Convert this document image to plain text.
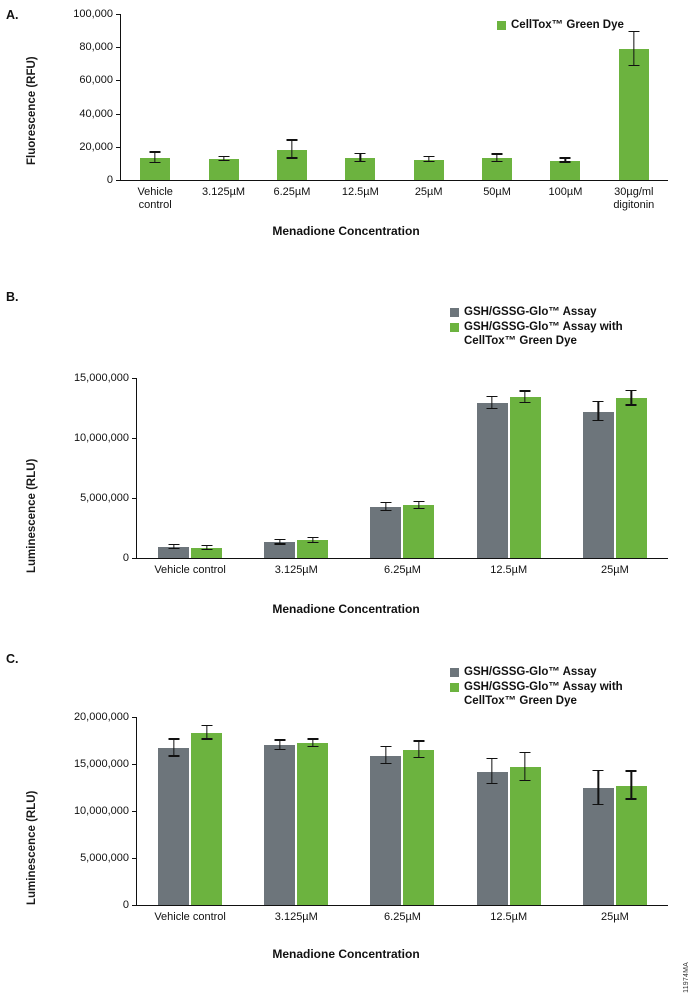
A.
CellTox™ Green Dye
Fluorescence (RFU)
100,000
80,000
60,000
40,000
20,000
0
Vehicle control
3.125µM	6.25µM	12.5µM	25µM	50µM	100µM	30µg/ml digitonin
Menadione Concentration
B.
GSH/GSSG-Glo™ Assay
GSH/GSSG-Glo™ Assay with CellTox™ Green Dye
Luminescence (RLU)
15,000,000
10,000,000
5,000,000
0
Vehicle control	3.125µM	6.25µM	12.5µM	25µM
Menadione Concentration
C.
GSH/GSSG-Glo™ Assay
GSH/GSSG-Glo™ Assay with CellTox™ Green Dye
Luminescence (RLU)
20,000,000
15,000,000
10,000,000
5,000,000
0
Vehicle control	3.125µM	6.25µM	12.5µM	25µM
Menadione Concentration
11974MA
